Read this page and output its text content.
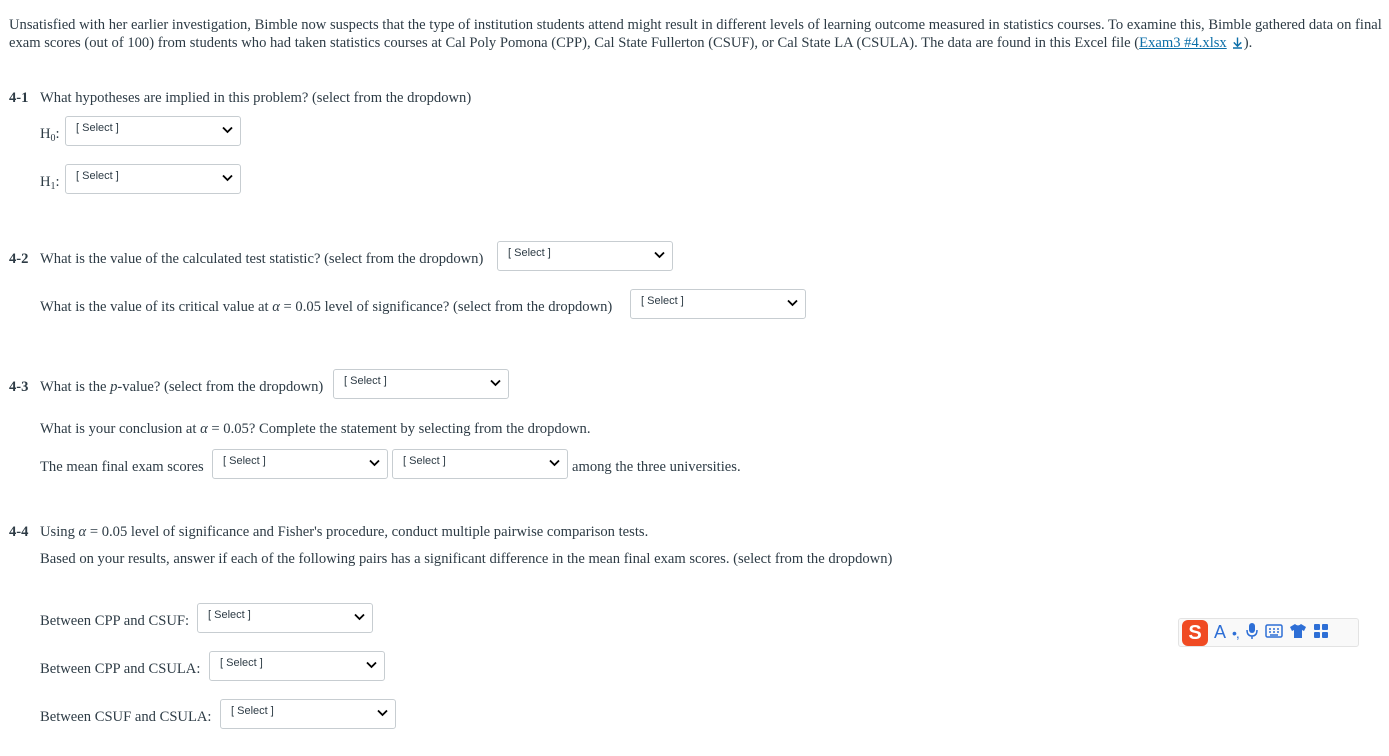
Unsatisfied with her earlier investigation, Bimble now suspects that the type of institution students attend might result in different levels of learning outcome measured in statistics courses. To examine this, Bimble gathered data on final exam scores (out of 100) from students who had taken statistics courses at Cal Poly Pomona (CPP), Cal State Fullerton (CSUF), or Cal State LA (CSULA). The data are found in this Excel file (Exam3 #4.xlsx ).

4-1 What hypotheses are implied in this problem? (select from the dropdown)
$H_0$:	[ Select ]
$H_1$:	[ Select ]
4-2 What is the value of the calculated test statistic? (select from the dropdown)	[ Select ]
What is the value of its critical value at α = 0.05 level of significance? (select from the dropdown)	[ Select ]
4-3 What is the p-value? (select from the dropdown)	[ Select ]
What is your conclusion at α = 0.05? Complete the statement by selecting from the dropdown.
The mean final exam scores	[ Select ]	[ Select ]	among the three universities.
4-4 Using α = 0.05 level of significance and Fisher's procedure, conduct multiple pairwise comparison tests.
Based on your results, answer if each of the following pairs has a significant difference in the mean final exam scores. (select from the dropdown)
Between CPP and CSUF:	[ Select ]
Between CPP and CSULA:	[ Select ]
Between CSUF and CSULA:	[ Select ]
S A •,
